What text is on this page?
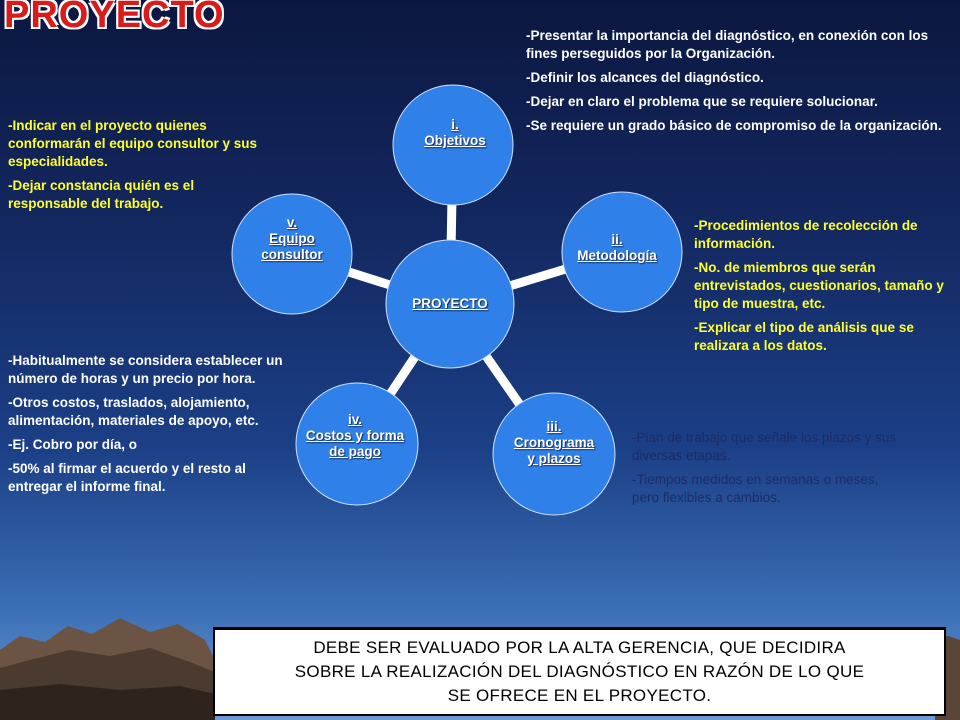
PROYECTO
PROYECTO
i.
Objetivos
ii.
Metodología
iii.
Cronograma
y plazos
iv.
Costos y forma
de pago
v.
Equipo
consultor

-Presentar la importancia del diagnóstico, en conexión con los fines perseguidos por la Organización.

-Definir los alcances del diagnóstico.

-Dejar en claro el problema que se requiere solucionar.

-Se requiere un grado básico de compromiso de la organización.

-Indicar en el proyecto quienes conformarán el equipo consultor y sus especialidades.

-Dejar constancia quién es el responsable del trabajo.

-Procedimientos de recolección de información.

-No. de miembros que serán entrevistados, cuestionarios, tamaño y tipo de muestra, etc.

-Explicar el tipo de análisis que se realizara a los datos.

-Habitualmente se considera establecer un número de horas y un precio por hora.

-Otros costos, traslados, alojamiento, alimentación, materiales de apoyo, etc.

-Ej. Cobro por día, o

-50% al firmar el acuerdo y el resto al entregar el informe final.

-Plan de trabajo que señale los plazos y sus diversas etapas.

-Tiempos medidos en semanas o meses, pero flexibles a cambios.

DEBE SER EVALUADO POR LA ALTA GERENCIA, QUE DECIDIRA
SOBRE LA REALIZACIÓN DEL DIAGNÓSTICO EN RAZÓN DE LO QUE
SE OFRECE EN EL PROYECTO.
